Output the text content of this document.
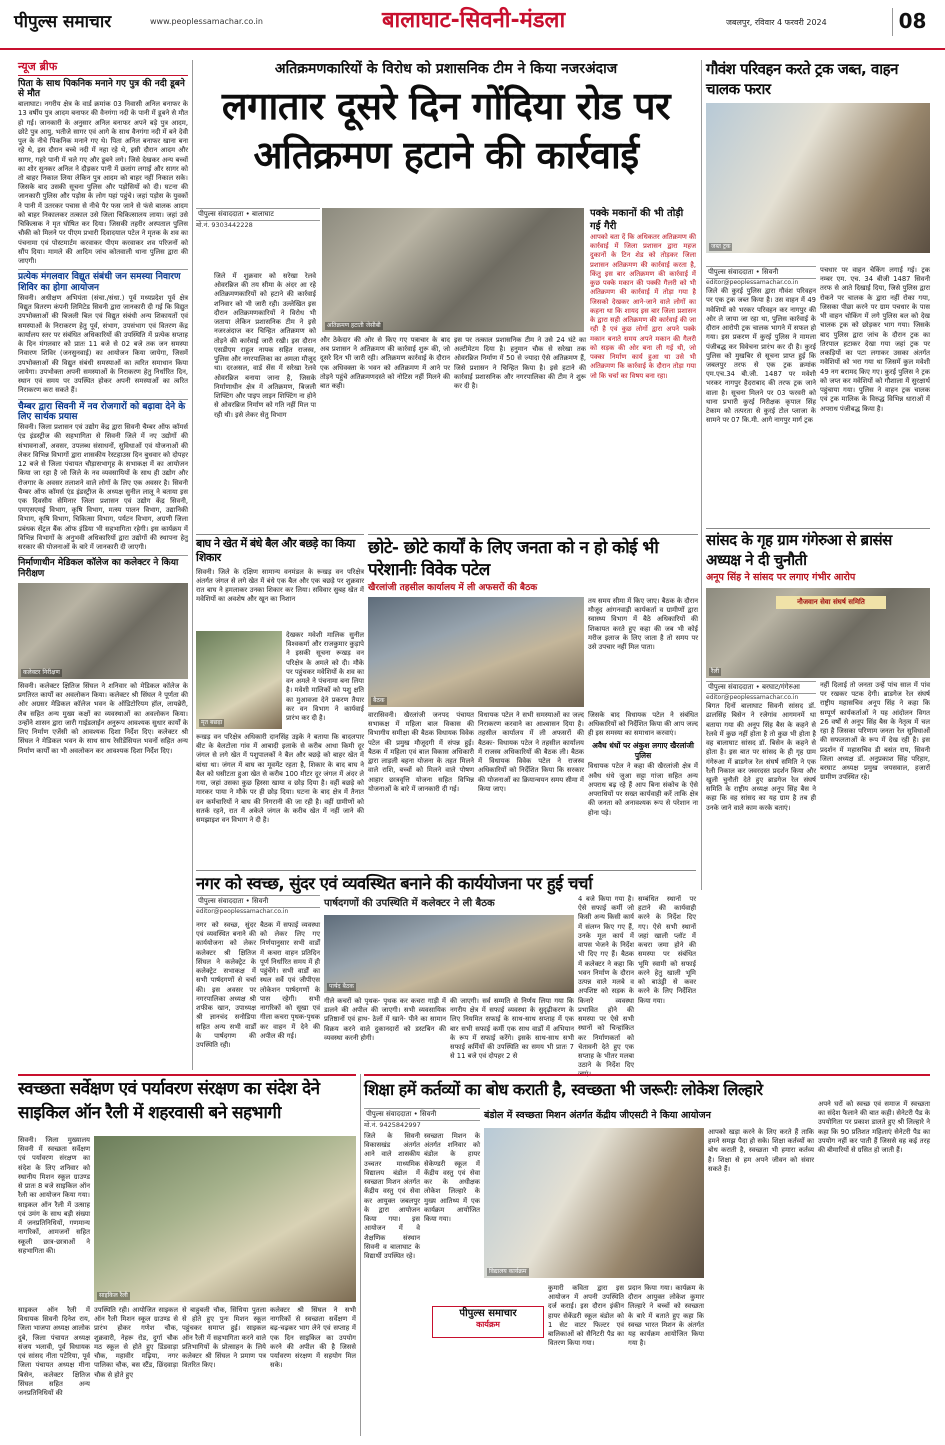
पीपुल्स समाचार	www.peoplessamachar.co.in	बालाघाट-सिवनी-मंडला	जबलपुर, रविवार 4 फरवरी 2024	08
न्यूज ब्रीफ
पिता के साथ पिकनिक मनाने गए पुत्र की नदी डूबने से मौत
बालाघाट। नगरीय क्षेत्र के वार्ड क्रमांक 03 निवासी अनिल बनाफर के 13 वर्षीय पुत्र आदम बनाफर की वैनगंगा नदी के पानी में डूबने से मौत हो गई। जानकारी के अनुसार अनिल बनाफर अपने बड़े पुत्र आदम, छोटे पुत्र आयु, भतीजे सागर एवं आगे के साथ वैनगंगा नदी में बने देवी पुल के नीचे पिकनिक मनाने गए थे। पिता अनिल बनाफर खाना बना रहे थे, इस दौरान बच्चे नदी में नहा रहे थे, इसी दौरान आदम और सागर, गहरे पानी में चले गए और डूबने लगे। जिसे देखकर अन्य बच्चों का शोर सुनकर अनिल ने दौड़कर पानी में छलांग लगाई और सागर को तो बाहर निकाल लिया लेकिन पुत्र आदम को बाहर नहीं निकाल सके। जिसके बाद उसकी सूचना पुलिस और पड़ोसियों को दी। घटना की जानकारी पुलिस और पड़ोस के लोग यहां पहुंचे। जहां पड़ोस के युवकों ने पानी में उतरकर पचास से नीचे पैर फस जाने से फंसे बालक आदम को बाहर निकालकर तत्काल उसे जिला चिकित्सालय लाया। जहां उसे चिकित्सक ने मृत घोषित कर दिया। जिसकी तहरीर अस्पताल पुलिस चौकी को मिलने पर पीएम प्रभारी दिवादयाल पटेल ने मृतक के शव का पंचनामा एवं पोस्टमार्टम करवाकर पीएम करवाकर शव परिजनों को सौंप दिया। मामले की आदिम जांच कोतवाली थाना पुलिस द्वारा की जाएगी।
प्रत्येक मंगलवार विद्युत संबंधी जन समस्या निवारण शिविर का होगा आयोजन
सिवनी। अधीक्षण अभियंता (संचा./संधा.) पूर्व मध्यप्रदेश पूर्व क्षेत्र विद्युत वितरण कंपनी लिमिटेड सिवनी द्वारा जानकारी दी गई कि विद्युत उपभोक्ताओं की बिजली बिल एवं विद्युत संबंधी अन्य शिकायतों एवं समस्याओं के निराकरण हेतु पूर्व, संभाग, उपसंभाग एवं वितरण केंद्र कार्यालय स्तर पर संबंधित अधिकारियों की उपस्थिति में प्रत्येक सप्ताह के दिन मंगलवार को प्रातः 11 बजे से 02 बजे तक जन समस्या निवारण शिविर (जनसुनवाई) का आयोजन किया जायेगा, जिसमें उपभोक्ताओं की विद्युत संबंधी समस्याओं का त्वरित समाधान किया जायेगा। उपभोक्ता अपनी समस्याओं के निराकरण हेतु निर्धारित दिन, स्थान एवं समय पर उपस्थित होकर अपनी समस्याओं का त्वरित निराकरण करा सकते हैं।
चैम्बर द्वारा सिवनी में नव रोजगारों को बढ़ावा देने के लिए सार्थक प्रयास
सिवनी। जिला प्रशासन एवं उद्योग केंद्र द्वारा सिवनी चैम्बर ऑफ कॉमर्स एंड इंडस्ट्रीज की सहभागिता से सिवनी जिले में नए उद्योगों की संभावनाओं, अवसर, उपलब्ध संसाधनों, सुविधाओं एवं योजनाओं की लेकर विभिन्न विभागों द्वारा शासकीय रेस्टहाउस दिन बुधवार को दोपहर 12 बजे से जिला पंचायत चौड़ासभागृह के सभाकक्ष में का आयोजन किया जा रहा है जो जिले के नव व्यवसायियों के साथ ही उद्योग और रोजगार के अवसर तलाशने वाले लोगों के लिए एक अवसर है। सिवनी चैम्बर ऑफ कॉमर्स एंड इंडस्ट्रीज के अध्यक्ष सुनील लालू ने बताया इस एक दिवसीय सेमिनार जिला प्रशासन एवं उद्योग केंद्र सिवनी, एमएसएमई विभाग, कृषि विभाग, मत्स्य पालन विभाग, उद्यानिकी विभाग, कृषि विभाग, चिकित्सा विभाग, पर्यटन विभाग, अग्रणी जिला प्रबंधक सेंट्रल बैंक ऑफ इंडिया भी सहभागिता रहेगी। इस कार्यक्रम में विभिन्न विभागों के अनुभवी अधिकारियों द्वारा उद्योगों की स्थापना हेतु सरकार की योजनाओं के बारे में जानकारी दी जाएगी।
निर्माणाधीन मेडिकल कॉलेज का कलेक्टर ने किया निरीक्षण
कलेक्टर निरीक्षण
सिवनी। कलेक्टर क्षितिज सिंघल ने शनिवार को मेडिकल कॉलेज के प्रगतिरत कार्यों का अवलोकन किया। कलेक्टर श्री सिंघल ने पूर्णता की ओर अग्रसर मेडिकल कॉलेज भवन के ऑडिटोरियम हॉल, लायब्रेरी, लैब सहित अन्य मुख्य कक्षों का व्यवस्थाओं का अवलोकन किया। उन्होंने शासन द्वारा जारी गाईडलाईन अनुरूप आवश्यक सुधार कार्यों के लिए निर्माण एजेंसी को आवश्यक दिशा निर्देश दिए। कलेक्टर श्री सिंघल ने मेडिकल भवन के साथ साथ रेसीडेंसियल भवनों सहित अन्य निर्माण कार्यों का भी अवलोकन कर आवश्यक दिशा निर्देश दिए।
अतिक्रमणकारियों के विरोध को प्रशासनिक टीम ने किया नजरअंदाज
लगातार दूसरे दिन गोंदिया रोड पर अतिक्रमण हटाने की कार्रवाई
पीपुल्स संवाददाता • बालाघाट
मो.नं. 9303442228
अतिक्रमण हटाती जेसीबी
जिले में शुक्रवार को सरेखा रेलवे ओवरब्रिज की तय सीमा के अंदर आ रहे अतिक्रमणकारियों को हटाने की कार्रवाई शनिवार को भी जारी रही। उल्लेखित इस दौरान अतिक्रमणकारियों ने विरोध भी जताया लेकिन प्रशासनिक टीम ने इसे नजरअंदाज कर चिन्हित अतिक्रमण को तोड़ने की कार्रवाई जारी रखी। इस दौरान एसडीएम राहुल नायक सहित राजस्व, पुलिस और नगरपालिका का अमला मौजूद था। दरअसल, वार्ड सेंस में सरेखा रेलवे ओवरब्रिज बनाया जाना है, जिसके निर्माणाधीन क्षेत्र में अतिक्रमण, बिजली शिफ्टिंग और पाइप लाइन शिफ्टिंग ना होने से ओवरब्रिज निर्माण को गति नहीं मिल पा रही थी। इसे लेकर सेतु विभाग
और ठेकेदार की ओर से किए गए पत्राचार के बाद अब प्रशासन ने अतिक्रमण की कार्रवाई शुरू की, जो दूसरे दिन भी जारी रही। अतिक्रमण कार्रवाई के दौरान एक अधिवक्ता के भवन को अतिक्रमण में आने पर तोड़ने पहुंचे अतिक्रमणदस्ते को नोटिस नहीं मिलने की बात कही।
इस पर तत्काल प्रशासनिक टीम ने उसे 24 घंटे का अल्टीमेटम दिया है। हनुमान चौक से सरेखा तक ओवरब्रिज निर्माण में 50 से ज्यादा ऐसे अतिक्रमण हैं, जिसे प्रशासन ने चिन्हित किया है। इसे हटाने की कार्रवाई प्रशासनिक और नगरपालिका की टीम ने शुरू कर दी है।
पक्के मकानों की भी तोड़ी गई गैरी
आपको बता दें कि अधिकतर अतिक्रमण की कार्रवाई में जिला प्रशासन द्वारा महज दुकानों के टिन शेड को तोड़कर जिला प्रशासन अतिक्रमण की कार्रवाई करता है, किंतु इस बार अतिक्रमण की कार्रवाई में कुछ पक्के मकान की पक्की गैलरी को भी अतिक्रमण की कार्रवाई में तोड़ा गया है जिसको देखकर आने-जाने वाले लोगों का कहना था कि शायद इस बार जिला प्रशासन के द्वारा सही अतिक्रमण की कार्रवाई की जा रही है एवं कुछ लोगों द्वारा अपने पक्के मकान बनाते समय अपने मकान की गैलरी को सड़क की ओर बना ली गई थी, जो पक्का निर्माण कार्य हुआ था उसे भी अतिक्रमण कि कार्रवाई के दौरान तोड़ा गया जो कि चर्चा का विषय बना रहा।
गौवंश परिवहन करते ट्रक जब्त, वाहन चालक फरार
जब्त ट्रक
पीपुल्स संवाददाता • सिवनी
editor@peoplessamachar.co.in
जिले की कुरई पुलिस द्वारा गौवंश परिवहन पर एक ट्रक जब्त किया है। उस वाहन में 49 मवेशियों को भरकर परिवहन कर नागपुर की ओर ले जाया जा रहा था, पुलिस कार्रवाई के दौरान आरोपी ट्रक चालक भागने में सफल हो गया। इस प्रकरण में कुरई पुलिस ने मामला पंजीबद्ध कर विवेचना प्रारंभ कर दी है। कुरई पुलिस को मुखबिर से सूचना प्राप्त हुई कि जबलपुर तरफ से एक ट्रक क्रमांक एम.एच.34 बी.जी. 1487 पर मवेशी भरकर नागपुर हैदराबाद की तरफ ट्रक जाने वाला है। सूचना मिलने पर 03 फरवरी को थाना प्रभारी कुरई निरीक्षक कृपाल सिंह टेकाम को तत्परता से कुरई टोल प्लाजा के सामने पर 07 कि.मी. आगे नागपुर मार्ग ट्रक
पचधार पर वाहन चेकिंग लगाई गई। ट्रक नम्बर एम. एच. 34 बीजी 1487 सिवनी तरफ से आते दिखाई दिया, जिसे पुलिस द्वारा रोकने पर चालक के द्वारा नहीं रोका गया, जिसका पीछा करने पर ग्राम पचधार के पास भी वाहन चोकिंग में लगे पुलिस बल को देख चालक ट्रक को छोड़कर भाग गया। जिसके बाद पुलिस द्वारा जांच के दौरान ट्रक का तिरपाल हटाकर देखा गया जहां ट्रक पर लकड़ियों का पटा लगाकर उसका अंतर्गत मवेशियों को भरा गया था जिसमें कुल मवेशी 49 नग बरामद किए गए। कुरई पुलिस ने ट्रक को जप्त कर मवेशियों को गौशाला में सुरक्षार्थ पहुंचाया गया। पुलिस ने वाहन ट्रक चालक एवं ट्रक मालिक के विरुद्ध विभिन्न धाराओं में अपराध पंजीबद्ध किया है।
बाघ ने खेत में बंधे बैल और बछड़े का किया शिकार
सिवनी। जिले के दक्षिण सामान्य वनमंडल के रूखड़ वन परिक्षेत्र अंतर्गत जंगल से लगे खेत में बंधे एक बैल और एक बछड़े पर शुक्रवार रात बाघ ने हमलाकर उनका शिकार कर लिया। सविवार सुबह खेत में मवेशियों का अवशेष और खून का निशान
मृत बछड़ा
देखकर मवेशी मालिक सुनील विश्वकर्मा और राजकुमार कुड़ापे ने इसकी सूचना रूखड़ वन परिक्षेत्र के अमले को दी। मौके पर पहुंचकर मवेशियों के शव का वन अमले ने पंचनामा बना लिया है। मवेशी मालिकों को पशु क्षति का मुआवजा देने प्रकरण तैयार कर वन विभाग ने कार्यवाई प्रारंभ कर दी है।
रूखड़ वन परिक्षेत्र अधिकारी दानसिंह उइके ने बताया कि बादलपार बीट के बेलटोला गांव में आबादी इलाके से करीब आधा किमी दूर जंगल से लगे खेत में पशुपालकों ने बैल और बछड़े को बाहर खेत में बांधा था। जंगल में बाघ का मूवमेंट रहता है, शिकार के बाद बाघ ने बैल को घसीटता हुआ खेत से करीब 100 मीटर दूर जंगल में अंदर ले गया, जहां उसका कुछ हिस्सा खाया व छोड़ दिया है। वहीं बछड़े को मारकर पाया ने मौके पर ही छोड़ दिया। घटना के बाद क्षेत्र में तैनात वन कर्मचारियों ने बाघ की निगरानी की जा रही है। वहीं ग्रामीणों को सतर्क रहने, रात में अकेले जंगल के करीब खेत में नहीं जाने की समझाइश वन विभाग ने दी है।
छोटे- छोटे कार्यों के लिए जनता को न हो कोई भी परेशानीः विवेक पटेल
खैरलांजी तहसील कार्यालय में ली अफसरों की बैठक
बैठक
तय समय सीमा में किए जाए। बैठक के दौरान मौजूद आंगनवाड़ी कार्यकर्ता व ग्रामीणों द्वारा स्वास्थ्य विभाग में बैठे अधिकारियों की शिकायत करते हुए कहा की जब भी कोई मरीज इलाज के लिए जाता है तो समय पर उसे उपचार नहीं मिल पाता।
वारासिवनी। खैरलांजी जनपद पंचायत सभाकक्ष में महिला बाल विकास की विभागीय समीक्षा की बैठक विधायक विवेक पटेल की प्रमुख मौजूदगी में संपन्न हुई। बैठक में महिला एवं बाल विकास अधिकारी द्वारा लाड़ली बहना योजना के तहत मिलने वाले राशि, बच्चों को मिलने वाले पोषण आहार छात्रवृत्ति योजना सहित विभिन्न योजनाओं के बारे में जानकारी दी गई।
विधायक पटेल ने सभी समस्याओं का जल्द निराकरण करवाने का आश्वासन दिया है। तहसील कार्यालय में ली अफसरों की बैठकः- विधायक पटेल ने तहसील कार्यालय में राजस्व अधिकारियों की बैठक ली। बैठक में विधायक विवेक पटेल ने राजस्व अधिकारियों को निर्देशित किया कि सरकार की योजनाओं का क्रियान्वयन समय सीमा में किया जाए।
जिसके बाद विधायक पटेल ने संबंधित अधिकारियों को निर्देशित किया की आप जल्द ही इस समस्या का समाधान करवाएं।
अवैध धंधों पर अंकुश लगाए खैरलांजी पुलिस
विधायक पटेल ने कहा की खैरलांजी क्षेत्र में अवैध धंधे जुआ सट्टा गांजा सहित अन्य अपराध बढ़ रहे हैं आप बिना संकोच के ऐसे अपराधियों पर सख्त कार्यवाही करें ताकि क्षेत्र की जनता को अनावश्यक रूप से परेशान ना होना पड़े।
सांसद के गृह ग्राम गंगेरुआ से ब्रासंस अध्यक्ष ने दी चुनौती
अनूप सिंह ने सांसद पर लगाए गंभीर आरोप
नौजवान सेवा संघर्ष समिति
रैली
पीपुल्स संवाददाता • बरघाट/गंगेरुआ
editor@peoplessamachar.co.in
बिगत दिनों बालाघाट सिवनी सांसद डॉ. ढालसिंह बिसेन ने रजेगांव आगमनमें था बताया गया की अनूप सिंह बैस के कहने से रेलवे में कुछ नहीं होता है तो कुछ भी होता है वह बालाघाट सांसद डॉ. बिसेन के कहने से होता है। इस बात पर सांसद के ही गृह ग्राम गंगेरुआ में ब्राडगेज रेल संघर्ष समिति ने एक रैली निकाल कर जवरदस्त प्रदर्शन किया और खुली चुनौती देते हुए ब्राडगेज रेल संघर्ष समिति के राष्ट्रीय अध्यक्ष अनूप सिंह बैस ने कहा कि वह सांसद का यह ग्राम है तब ही उनके जाने वाले काम करके बताएं।
नहीं दिलाई तो जनता उन्हें पांच साल में पांव पर रखकर पटक देगी। ब्राडगेज रेल संघर्ष राष्ट्रीय महासचिव अनूप सिंह ने कहा कि सम्पूर्ण कार्यकर्ताओं ने यह आंदोलन विगत 26 वर्षों से अनूप सिंह बैस के नेतृत्व में चल रहा है जिसका परिणाम जनता रेल सुविधाओं की सफलताओं के रूप में देख रही है। इस प्रदर्शन में महासचिव डी बसंत राय, सिवनी जिला अध्यक्ष डॉ. अनुप्रकाश सिंह परिहार, बरघाट अध्यक्ष प्रमुख जयसवाल, हजारों ग्रामीण उपस्थित रहे।
नगर को स्वच्छ, सुंदर एवं व्यवस्थित बनाने की कार्ययोजना पर हुई चर्चा
पीपुल्स संवाददाता • सिवनी
editor@peoplessamachar.co.in
पार्षदगणों की उपस्थिति में कलेक्टर ने ली बैठक
पार्षद बैठक
नगर को स्वच्छ, सुंदर एवं व्यवस्थित बनाने की कार्ययोजना को लेकर कलेक्टर श्री क्षितिज सिंघल ने कलेक्ट्रेट के कलेक्ट्रेट सभाकक्ष में सभी पार्षदगणों से चर्चा की। इस अवसर पर नगरपालिका अध्यक्ष श्री शफीक खान, उपाध्यक्ष श्री ज्ञानचंद सनोडिया सहित अन्य सभी वार्डों के पार्षदगण की उपस्थिति रही।
बैठक में सफाई व्यवस्था को लेकर लिए गए निर्णयानुसार सभी वार्डों में कचरा वाहन प्रतिदिन पूर्ण निर्धारित समय में ही पहुंचेंगे। सभी वार्डों का स्थल सर्वे एवं जीपीएस लोकेशन पार्षदगणों के पास रहेगी। सभी नागरिकों को सूखा एवं गीला कचरा पृथक-पृथक कर वाहन में देने की अपील की गई।
गीले कचरों को पृथक- पृथक कर कचरा गाड़ी में डालने की अपील की जाएगी। सभी व्यवसायिक प्रतिष्ठानों एवं हाथ- ठेलों में खाने- पीने का सामान विक्रय करने वाले दुकानदारों को डस्टबिन की व्यवस्था करनी होगी।
की जाएगी। सर्व सम्मति से निर्णय लिया गया कि नगरीय क्षेत्र में सफाई व्यवस्था के सुदृढ़ीकरण के लिए नियमित सफाई के साथ-साथ सप्ताह में एक बार सभी सफाई कर्मी एक साथ वार्डों में अभियान के रूप में सफाई करेंगे। इसके साथ-साथ सभी सफाई कर्मियों की उपस्थिति का समय भी प्रातः 7 से 11 बजे एवं दोपहर 2 से
4 बजे किया गया है। ऐसे सफाई कर्मी जो किसी अन्य किसी कार्य में संलग्न किए गए हैं, उनके मूल कार्य में वापस भेजने के निर्देश भी दिए गए हैं। बैठक में कलेक्टर ने कहा कि भवन निर्माण के दौरान उत्पन्न वाले मलबे व अपशिष्ट को सड़क के किनारे व्यवस्था प्रभावित होने की समस्या पर ऐसे सभी स्थानों को चिन्हांकित कर निर्माणकर्ता को चेतावनी देते हुए एक सप्ताह के भीतर मलबा उठाने के निर्देश दिए जाएं।
सम्बंधित स्थानों पर हटाने की कार्यवाही करने के निर्देश दिए गए। ऐसे सभी स्थानों जहां खाली प्लॉट में कचरा जमा होने की समस्या पर संबंधित भूमि स्वामी को सफाई करने हेतु खाली भूमि को बाउंड्री से कवर करने के लिए निर्देशित किया गया।
स्वच्छता सर्वेक्षण एवं पर्यावरण संरक्षण का संदेश देने साइकिल ऑन रैली में शहरवासी बने सहभागी
सिवनी। जिला मुख्यालय सिवनी में स्वच्छता सर्वेक्षण एवं पर्यावरण संरक्षण का संदेश के लिए शनिवार को स्थानीय मिशन स्कूल ग्राउण्ड से प्रातः 8 बजे साइकिल ऑन रैली का आयोजन किया गया। साइकल ऑन रैली में उत्साह एवं उमंग के साथ बड़ी संख्या में जनप्रतिनिधियों, गणमान्य नागरिकों, आमजनों सहित स्कूली छात्र-छात्राओं ने सहभागिता की।
साइकिल रैली
साइकल ऑन रैली में विधायक सिवनी दिनेश राय, जिला भाजपा अध्यक्ष आलोक दुबे, जिला पंचायत अध्यक्ष संजय भलावी, पूर्व विधायक एवं सांसद नीता पटेरिया, पूर्व जिला पंचायत अध्यक्ष मीना बिसेन, कलेक्टर क्षितिज सिंघल सहित अन्य जनप्रतिनिधियों की
उपस्थिति रही। आयोजित साइकल ऑन रैली मिशन स्कूल ग्राउण्ड से प्रारंभ होकर गणेश चौक, शुक्रवारी, नेहरू रोड, दुर्गा चौक मठ स्कूल से होते हुए डिंडवाड़ा चौक, महावीर मढ़िया, नगर पालिका चौक, बस स्टैंड, छिंदवाड़ा चौक से होते हुए
से बाहुबली चौक, सिंधिया पुतला से होते हुए पुनः मिशन स्कूल पहुंचकर समाप्त हुई। साइकल ऑन रैली में सहभागिता करने वाले प्रतिभागियों के प्रोत्साहन के लिये कलेक्टर श्री सिंघल ने प्रमाण पत्र वितरित किए।
कलेक्टर श्री सिंघल ने सभी नागरिकों से स्वच्छता सर्वेक्षण में बढ़-चढ़कर भाग लेने एवं सप्ताह में एक दिन साइकिल का उपयोग करने की अपील की है जिससे पर्यावरण संरक्षण में सहयोग मिल सके।
शिक्षा हमें कर्तव्यों का बोध कराती है, स्वच्छता भी जरूरीः लोकेश लिल्हारे
पीपुल्स संवाददाता • सिवनी
मो.नं. 9425842997
बंडोल में स्वच्छता मिशन अंतर्गत केंद्रीय जीएसटी ने किया आयोजन
विद्यालय कार्यक्रम
जिले के सिवनी विकासखंड अंतर्गत आने वाले शासकीय उच्चतर माध्यमिक विद्यालय बंडोल में स्वच्छता मिशन अंतर्गत केंद्रीय वस्तु एवं सेवा कर आयुक्त जबलपुर के द्वारा आयोजन किया गया। इस आयोजन में वे शैक्षणिक संस्थान सिवनी व बालाघाट के विद्यार्थी उपस्थित रहे।
स्वच्छता मिशन के अंतर्गत शनिवार को बंडोल के हायर सेकेण्डरी स्कूल में केंद्रीय वस्तु एवं सेवा कर के अधीक्षक लोकेश लिल्हारे के मुख्य आतिथ्य में एक कार्यक्रम आयोजित किया गया।
पीपुल्स समाचार
कार्यक्रम
कुमारी कविता द्वारा इस आयोजन में अपनी उपस्थिति दर्ज कराई। इस दौरान इंकीन हायर सेकेंडरी स्कूल बंडोल को 1 सेट वाटर फिल्टर एवं बालिकाओं को सैनिटरी पैड का वितरण किया गया।
प्रदान किया गया। कार्यक्रम के दौरान आयुक्त लोकेश कुमार लिल्हारे ने बच्चों को स्वच्छता के बारे में बताते हुए कहा कि स्वच्छ भारत मिशन के अंतर्गत यह कार्यक्रम आयोजित किया गया है।
आपको खड़ा करने के लिए करते हैं ताकि हमने समझ पैदा हो सके। शिक्षा कर्तव्यों का बोध कराती है, स्वच्छता भी हमारा कर्तव्य है। शिक्षा से हम अपने जीवन को संवार सकते हैं।
अपने घरों को स्वच्छ एवं समाज में स्वच्छता का संदेश फैलाने की बात कही। सेनेटरी पैड के उपयोगिता पर प्रकाश डालते हुए श्री लिल्हारे ने कहा कि 90 प्रतिशत महिलाएं सेनेटरी पैड का उपयोग नहीं कर पाती हैं जिससे वह कई तरह की बीमारियों से ग्रसित हो जाती हैं।
